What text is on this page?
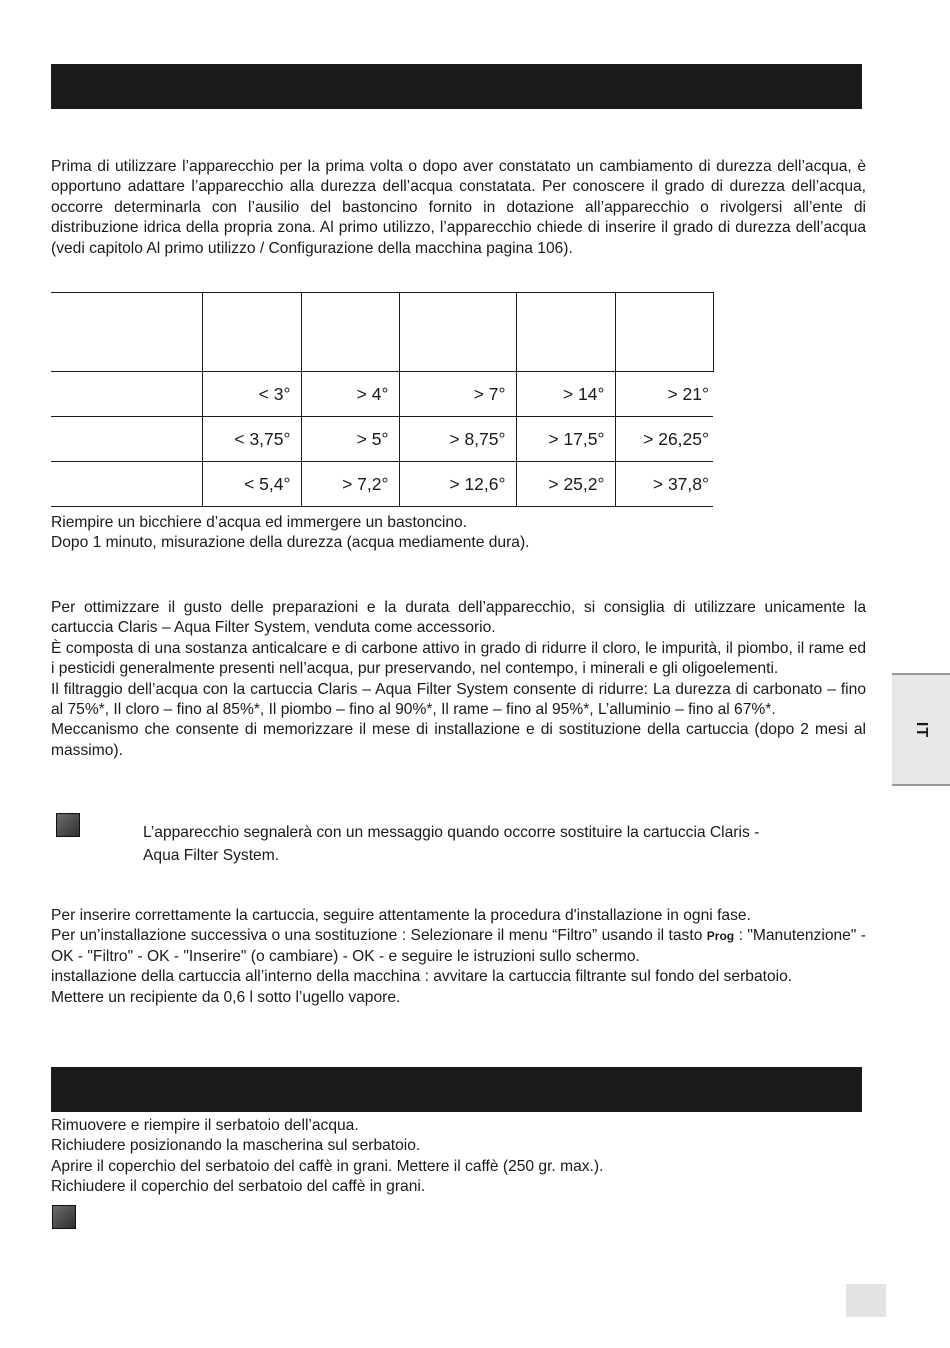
Prima di utilizzare l’apparecchio per la prima volta o dopo aver constatato un cambiamento di durezza dell’acqua, è opportuno adattare l’apparecchio alla durezza dell’acqua constatata. Per conoscere il grado di durezza dell’acqua, occorre determinarla con l’ausilio del bastoncino fornito in dotazione all’apparecchio o rivolgersi all’ente di distribuzione idrica della propria zona. Al primo utilizzo, l’apparecchio chiede di inserire il grado di durezza dell’acqua (vedi capitolo Al primo utilizzo / Configurazione della macchina pagina 106).

	< 3°	> 4°	> 7°	> 14°	> 21°
	< 3,75°	> 5°	> 8,75°	> 17,5°	> 26,25°
	< 5,4°	> 7,2°	> 12,6°	> 25,2°	> 37,8°

Riempire un bicchiere d’acqua ed immergere un bastoncino.

Dopo 1 minuto, misurazione della durezza (acqua mediamente dura).

Per ottimizzare il gusto delle preparazioni e la durata dell’apparecchio, si consiglia di utilizzare unicamente la cartuccia Claris – Aqua Filter System, venduta come accessorio.

È composta di una sostanza anticalcare e di carbone attivo in grado di ridurre il cloro, le impurità, il piombo, il rame ed i pesticidi generalmente presenti nell’acqua, pur preservando, nel contempo, i minerali e gli oligoelementi.

Il filtraggio dell’acqua con la cartuccia Claris – Aqua Filter System consente di ridurre: La durezza di carbonato – fino al 75%*, Il cloro – fino al 85%*, Il piombo – fino al 90%*, Il rame – fino al 95%*, L’alluminio – fino al 67%*.

Meccanismo che consente di memorizzare il mese di installazione e di sostituzione della cartuccia (dopo 2 mesi al massimo).

L’apparecchio segnalerà con un messaggio quando occorre sostituire la cartuccia Claris -

Aqua Filter System.

Per inserire correttamente la cartuccia, seguire attentamente la procedura d'installazione in ogni fase.

Per un’installazione successiva o una sostituzione : Selezionare il menu “Filtro” usando il tasto Prog : "Manutenzione" - OK - "Filtro" - OK - "Inserire" (o cambiare) - OK - e seguire le istruzioni sullo schermo.

installazione della cartuccia all’interno della macchina : avvitare la cartuccia filtrante sul fondo del serbatoio.

Mettere un recipiente da 0,6 l sotto l’ugello vapore.

Rimuovere e riempire il serbatoio dell’acqua.

Richiudere posizionando la mascherina sul serbatoio.

Aprire il coperchio del serbatoio del caffè in grani. Mettere il caffè (250 gr. max.).

Richiudere il coperchio del serbatoio del caffè in grani.

IT
